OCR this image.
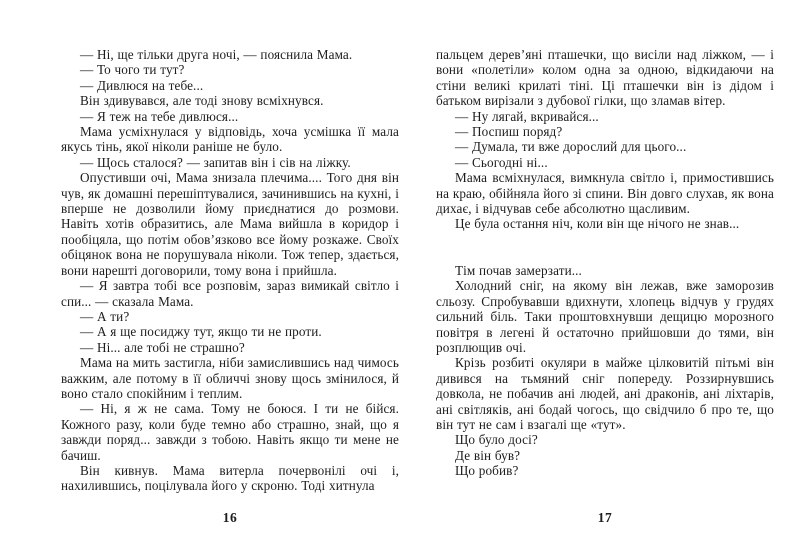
— Ні, ще тільки друга ночі, — пояснила Мама.

— То чого ти тут?

— Дивлюся на тебе...

Він здивувався, але тоді знову всміхнувся.

— Я теж на тебе дивлюся...

Мама усміхнулася у відповідь, хоча усмішка її мала якусь тінь, якої ніколи раніше не було.

— Щось сталося? — запитав він і сів на ліжку.

Опустивши очі, Мама знизала плечима.... Того дня він чув, як домашні перешіптувалися, зачинившись на кухні, і вперше не дозволили йому приєднатися до розмови. Навіть хотів образитись, але Мама вийшла в коридор і пообіцяла, що потім обов’язково все йому розкаже. Своїх обіцянок вона не порушувала ніколи. Тож тепер, здається, вони нарешті договорили, тому вона і прийшла.

— Я завтра тобі все розповім, зараз вимикай світло і спи... — сказала Мама.

— А ти?

— А я ще посиджу тут, якщо ти не проти.

— Ні... але тобі не страшно?

Мама на мить застигла, ніби замислившись над чимось важким, але потому в її обличчі знову щось змінилося, й воно стало спокійним і теплим.

— Ні, я ж не сама. Тому не боюся. І ти не бійся. Кожного разу, коли буде темно або страшно, знай, що я завжди поряд... завжди з тобою. Навіть якщо ти мене не бачиш.

Він кивнув. Мама витерла почервонілі очі і, нахилившись, поцілувала його у скроню. Тоді хитнула

пальцем дерев’яні пташечки, що висіли над ліжком, — і вони «полетіли» колом одна за одною, відкидаючи на стіни великі крилаті тіні. Ці пташечки він із дідом і батьком вирізали з дубової гілки, що зламав вітер.

— Ну лягай, вкривайся...

— Поспиш поряд?

— Думала, ти вже дорослий для цього...

— Сьогодні ні...

Мама всміхнулася, вимкнула світло і, примостившись на краю, обійняла його зі спини. Він довго слухав, як вона дихає, і відчував себе абсолютно щасливим.

Це була остання ніч, коли він ще нічого не знав...

Тім почав замерзати...

Холодний сніг, на якому він лежав, вже заморозив сльозу. Спробувавши вдихнути, хлопець відчув у грудях сильний біль. Таки проштовхнувши дещицю морозного повітря в легені й остаточно прийшовши до тями, він розплющив очі.

Крізь розбиті окуляри в майже цілковитій пітьмі він дивився на тьмяний сніг попереду. Роззирнувшись довкола, не побачив ані людей, ані драконів, ані ліхтарів, ані світляків, ані бодай чогось, що свідчило б про те, що він тут не сам і взагалі ще «тут».

Що було досі?

Де він був?

Що робив?

16	17
